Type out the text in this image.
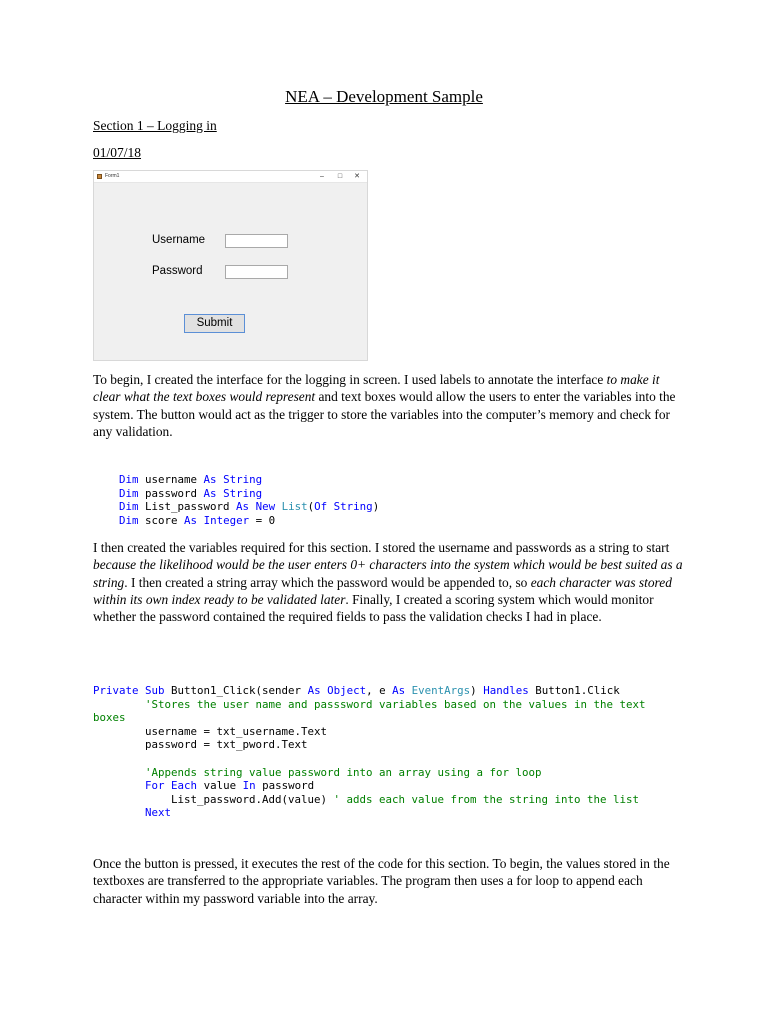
NEA – Development Sample
Section 1 – Logging in
01/07/18
Form1	–	□	✕
Username
Password
Submit
To begin, I created the interface for the logging in screen. I used labels to annotate the interface to make it clear what the text boxes would represent and text boxes would allow the users to enter the variables into the system. The button would act as the trigger to store the variables into the computer’s memory and check for any validation.
Dim username As String
Dim password As String
Dim List_password As New List(Of String)
Dim score As Integer = 0
I then created the variables required for this section. I stored the username and passwords as a string to start because the likelihood would be the user enters 0+ characters into the system which would be best suited as a string. I then created a string array which the password would be appended to, so each character was stored within its own index ready to be validated later. Finally, I created a scoring system which would monitor whether the password contained the required fields to pass the validation checks I had in place.
Private Sub Button1_Click(sender As Object, e As EventArgs) Handles Button1.Click
'Stores the user name and passsword variables based on the values in the text
boxes
username = txt_username.Text
password = txt_pword.Text
'Appends string value password into an array using a for loop
For Each value In password
List_password.Add(value) ' adds each value from the string into the list
Next
Once the button is pressed, it executes the rest of the code for this section. To begin, the values stored in the textboxes are transferred to the appropriate variables. The program then uses a for loop to append each character within my password variable into the array.
